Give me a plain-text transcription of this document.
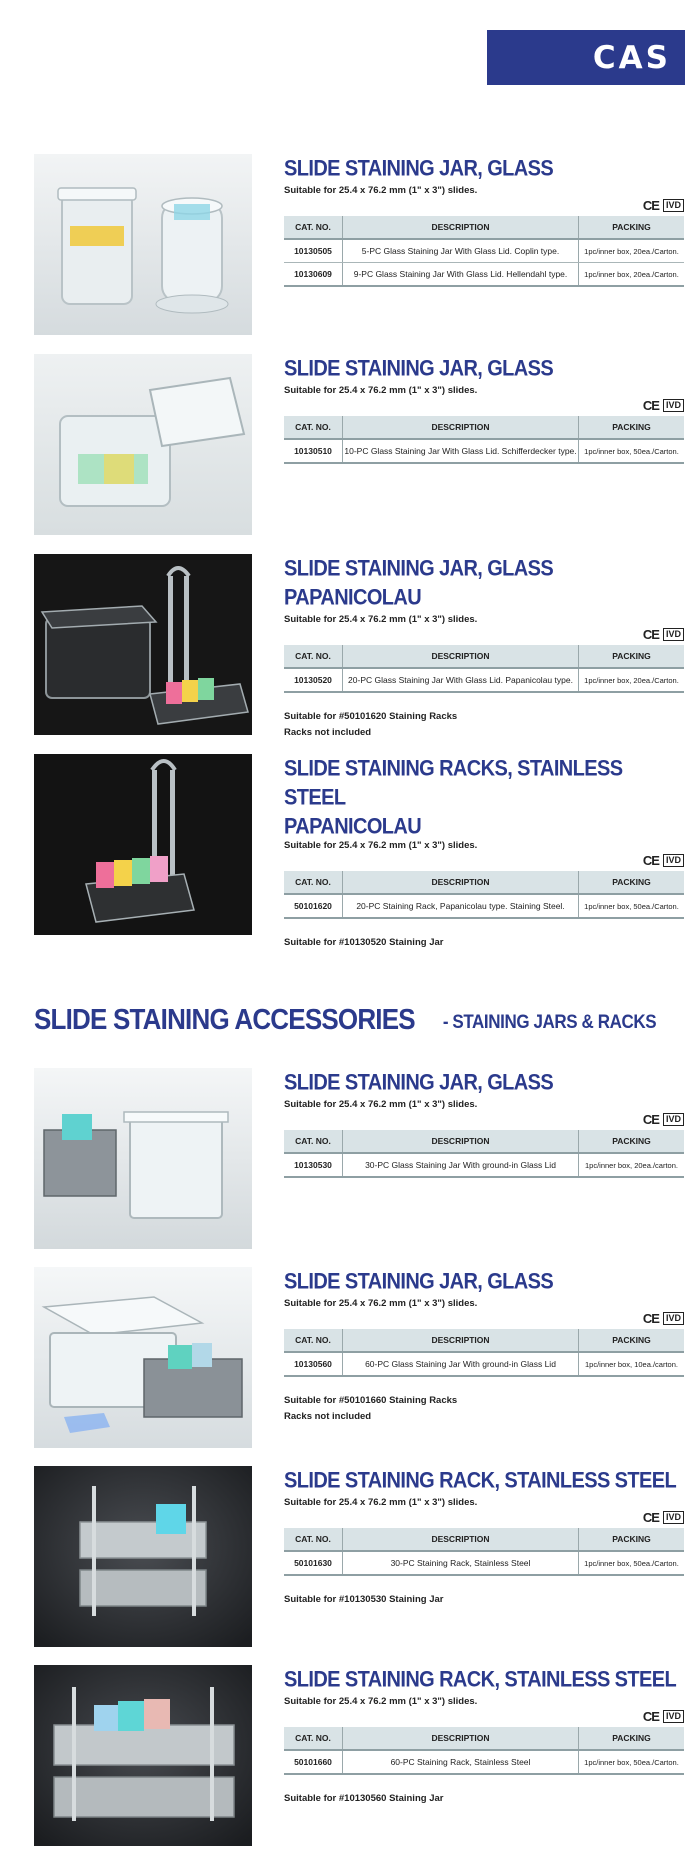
CAS
SLIDE STAINING JAR, GLASS
Suitable for 25.4 x 76.2 mm (1" x 3") slides.
CE IVD
CAT. NO.	DESCRIPTION	PACKING
10130505	5-PC Glass Staining Jar With Glass Lid. Coplin type.	1pc/inner box, 20ea./Carton.
10130609	9-PC Glass Staining Jar With Glass Lid. Hellendahl type.	1pc/inner box, 20ea./Carton.
SLIDE STAINING JAR, GLASS
Suitable for 25.4 x 76.2 mm (1" x 3") slides.
CE IVD
CAT. NO.	DESCRIPTION	PACKING
10130510	10-PC Glass Staining Jar With Glass Lid. Schifferdecker type.	1pc/inner box, 50ea./Carton.
SLIDE STAINING JAR, GLASS
PAPANICOLAU
Suitable for 25.4 x 76.2 mm (1" x 3") slides.
CE IVD
CAT. NO.	DESCRIPTION	PACKING
10130520	20-PC Glass Staining Jar With Glass Lid. Papanicolau type.	1pc/inner box, 20ea./Carton.
Suitable for #50101620 Staining Racks
Racks not included
SLIDE STAINING RACKS, STAINLESS STEEL
PAPANICOLAU
Suitable for 25.4 x 76.2 mm (1" x 3") slides.
CE IVD
CAT. NO.	DESCRIPTION	PACKING
50101620	20-PC Staining Rack, Papanicolau type. Staining Steel.	1pc/inner box, 50ea./Carton.
Suitable for #10130520 Staining Jar
SLIDE STAINING ACCESSORIES - STAINING JARS & RACKS
SLIDE STAINING JAR, GLASS
Suitable for 25.4 x 76.2 mm (1" x 3") slides.
CE IVD
CAT. NO.	DESCRIPTION	PACKING
10130530	30-PC Glass Staining Jar With ground-in Glass Lid	1pc/inner box, 20ea./carton.
SLIDE STAINING JAR, GLASS
Suitable for 25.4 x 76.2 mm (1" x 3") slides.
CE IVD
CAT. NO.	DESCRIPTION	PACKING
10130560	60-PC Glass Staining Jar With ground-in Glass Lid	1pc/inner box, 10ea./carton.
Suitable for #50101660 Staining Racks
Racks not included
SLIDE STAINING RACK, STAINLESS STEEL
Suitable for 25.4 x 76.2 mm (1" x 3") slides.
CE IVD
CAT. NO.	DESCRIPTION	PACKING
50101630	30-PC Staining Rack, Stainless Steel	1pc/inner box, 50ea./Carton.
Suitable for #10130530 Staining Jar
SLIDE STAINING RACK, STAINLESS STEEL
Suitable for 25.4 x 76.2 mm (1" x 3") slides.
CE IVD
CAT. NO.	DESCRIPTION	PACKING
50101660	60-PC Staining Rack, Stainless Steel	1pc/inner box, 50ea./Carton.
Suitable for #10130560 Staining Jar
